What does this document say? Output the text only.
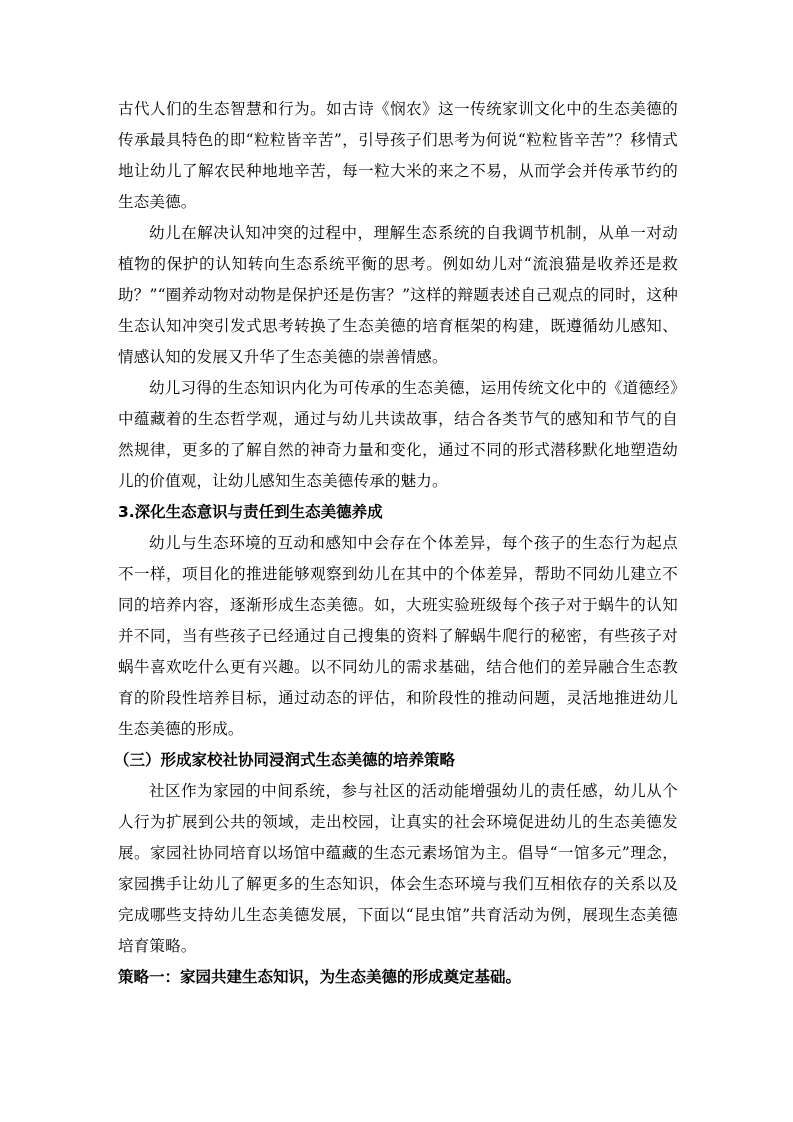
古代人们的生态智慧和行为。如古诗《悯农》这一传统家训文化中的生态美德的传承最具特色的即“粒粒皆辛苦”，引导孩子们思考为何说“粒粒皆辛苦”？移情式地让幼儿了解农民种地地辛苦，每一粒大米的来之不易，从而学会并传承节约的生态美德。

幼儿在解决认知冲突的过程中，理解生态系统的自我调节机制，从单一对动植物的保护的认知转向生态系统平衡的思考。例如幼儿对“流浪猫是收养还是救助？”“圈养动物对动物是保护还是伤害？”这样的辩题表述自己观点的同时，这种生态认知冲突引发式思考转换了生态美德的培育框架的构建，既遵循幼儿感知、情感认知的发展又升华了生态美德的崇善情感。

幼儿习得的生态知识内化为可传承的生态美德，运用传统文化中的《道德经》中蕴藏着的生态哲学观，通过与幼儿共读故事，结合各类节气的感知和节气的自然规律，更多的了解自然的神奇力量和变化，通过不同的形式潜移默化地塑造幼儿的价值观，让幼儿感知生态美德传承的魅力。

3.深化生态意识与责任到生态美德养成

幼儿与生态环境的互动和感知中会存在个体差异，每个孩子的生态行为起点不一样，项目化的推进能够观察到幼儿在其中的个体差异，帮助不同幼儿建立不同的培养内容，逐渐形成生态美德。如，大班实验班级每个孩子对于蜗牛的认知并不同，当有些孩子已经通过自己搜集的资料了解蜗牛爬行的秘密，有些孩子对蜗牛喜欢吃什么更有兴趣。以不同幼儿的需求基础，结合他们的差异融合生态教育的阶段性培养目标，通过动态的评估，和阶段性的推动问题，灵活地推进幼儿生态美德的形成。

（三）形成家校社协同浸润式生态美德的培养策略

社区作为家园的中间系统，参与社区的活动能增强幼儿的责任感，幼儿从个人行为扩展到公共的领域，走出校园，让真实的社会环境促进幼儿的生态美德发展。家园社协同培育以场馆中蕴藏的生态元素场馆为主。倡导“一馆多元”理念，家园携手让幼儿了解更多的生态知识，体会生态环境与我们互相依存的关系以及完成哪些支持幼儿生态美德发展，下面以“昆虫馆”共育活动为例，展现生态美德培育策略。

策略一：家园共建生态知识，为生态美德的形成奠定基础。
